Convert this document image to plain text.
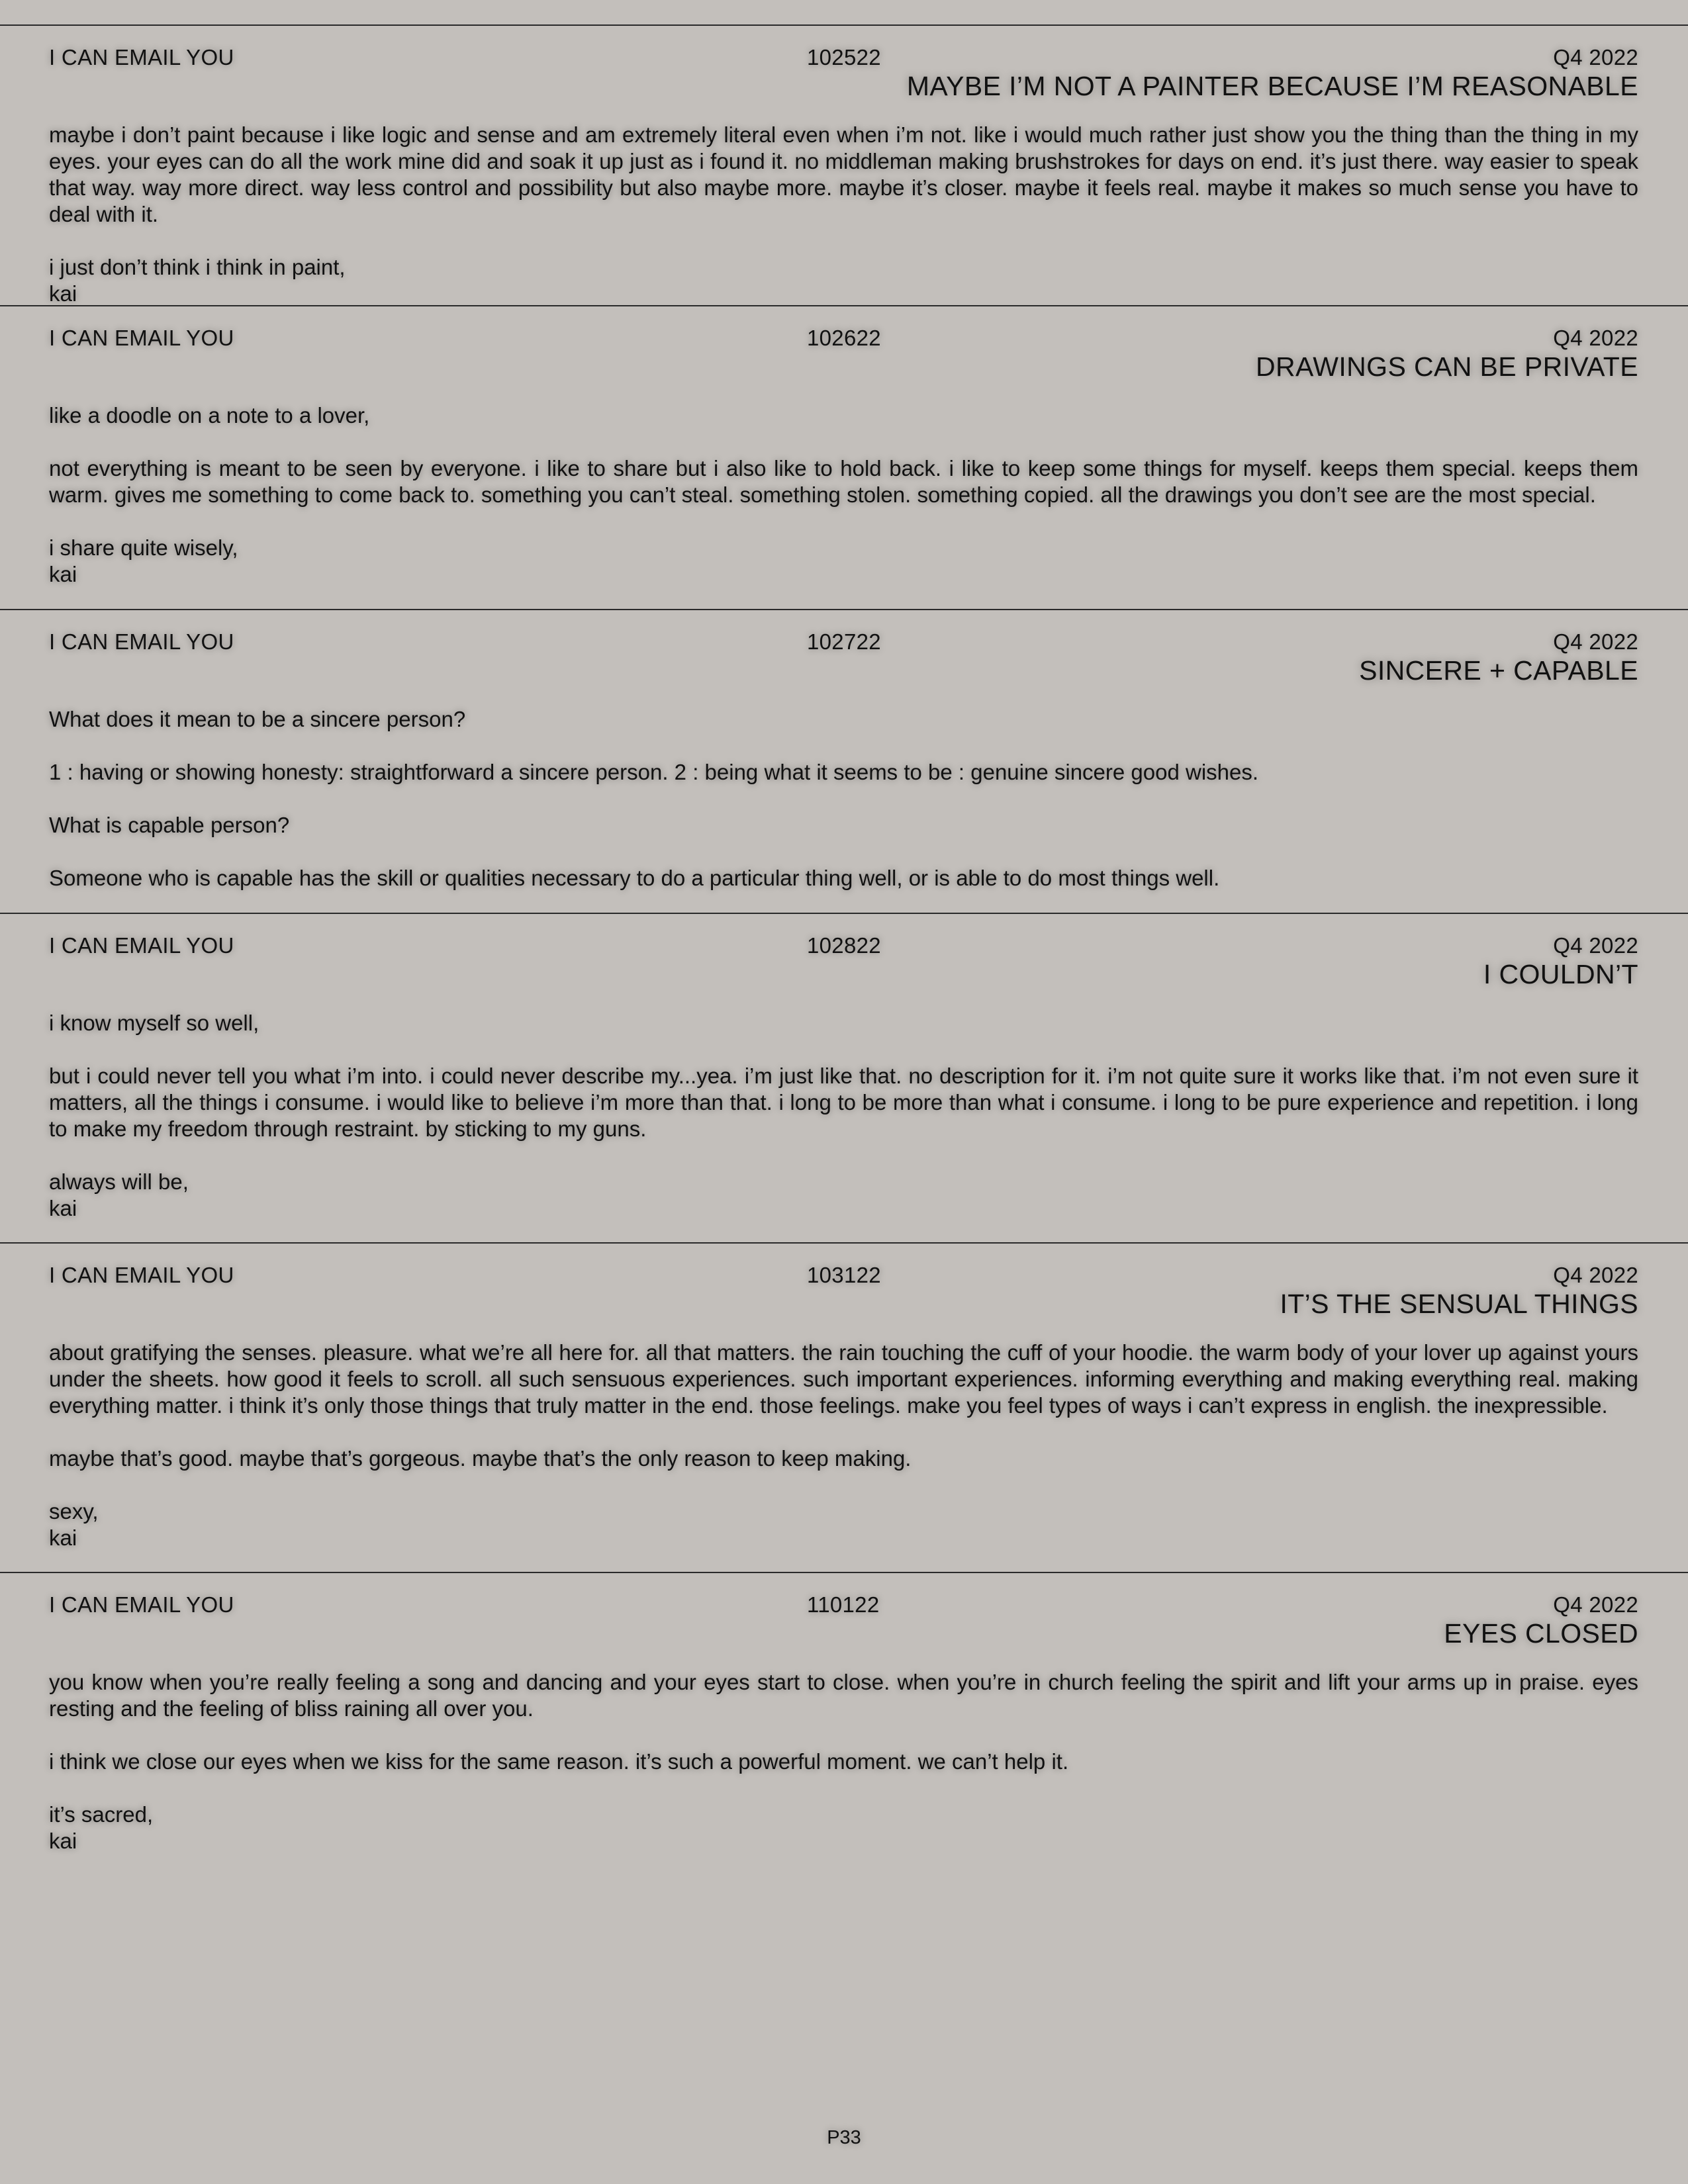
I CAN EMAIL YOU	102522	Q4 2022
MAYBE I’M NOT A PAINTER BECAUSE I’M REASONABLE

maybe i don’t paint because i like logic and sense and am extremely literal even when i’m not. like i would much rather just show you the thing than the thing in my eyes. your eyes can do all the work mine did and soak it up just as i found it. no middleman making brushstrokes for days on end. it’s just there. way easier to speak that way. way more direct. way less control and possibility but also maybe more. maybe it’s closer. maybe it feels real. maybe it makes so much sense you have to deal with it.

i just don’t think i think in paint,
kai

I CAN EMAIL YOU	102622	Q4 2022
DRAWINGS CAN BE PRIVATE

like a doodle on a note to a lover,

not everything is meant to be seen by everyone. i like to share but i also like to hold back. i like to keep some things for myself. keeps them special. keeps them warm. gives me something to come back to. something you can’t steal. something stolen. something copied. all the drawings you don’t see are the most special.

i share quite wisely,
kai

I CAN EMAIL YOU	102722	Q4 2022
SINCERE + CAPABLE

What does it mean to be a sincere person?

1 : having or showing honesty: straightforward a sincere person. 2 : being what it seems to be : genuine sincere good wishes.

What is capable person?

Someone who is capable has the skill or qualities necessary to do a particular thing well, or is able to do most things well.

I CAN EMAIL YOU	102822	Q4 2022
I COULDN’T

i know myself so well,

but i could never tell you what i’m into. i could never describe my...yea. i’m just like that. no description for it. i’m not quite sure it works like that. i’m not even sure it matters, all the things i consume. i would like to believe i’m more than that. i long to be more than what i consume. i long to be pure experience and repetition. i long to make my freedom through restraint. by sticking to my guns.

always will be,
kai

I CAN EMAIL YOU	103122	Q4 2022
IT’S THE SENSUAL THINGS

about gratifying the senses. pleasure. what we’re all here for. all that matters. the rain touching the cuff of your hoodie. the warm body of your lover up against yours under the sheets. how good it feels to scroll. all such sensuous experiences. such important experiences. informing everything and making everything real. making everything matter. i think it’s only those things that truly matter in the end. those feelings. make you feel types of ways i can’t express in english. the inexpressible.

maybe that’s good. maybe that’s gorgeous. maybe that’s the only reason to keep making.

sexy,
kai

I CAN EMAIL YOU	110122	Q4 2022
EYES CLOSED

you know when you’re really feeling a song and dancing and your eyes start to close. when you’re in church feeling the spirit and lift your arms up in praise. eyes resting and the feeling of bliss raining all over you.

i think we close our eyes when we kiss for the same reason. it’s such a powerful moment. we can’t help it.

it’s sacred,
kai

P33
